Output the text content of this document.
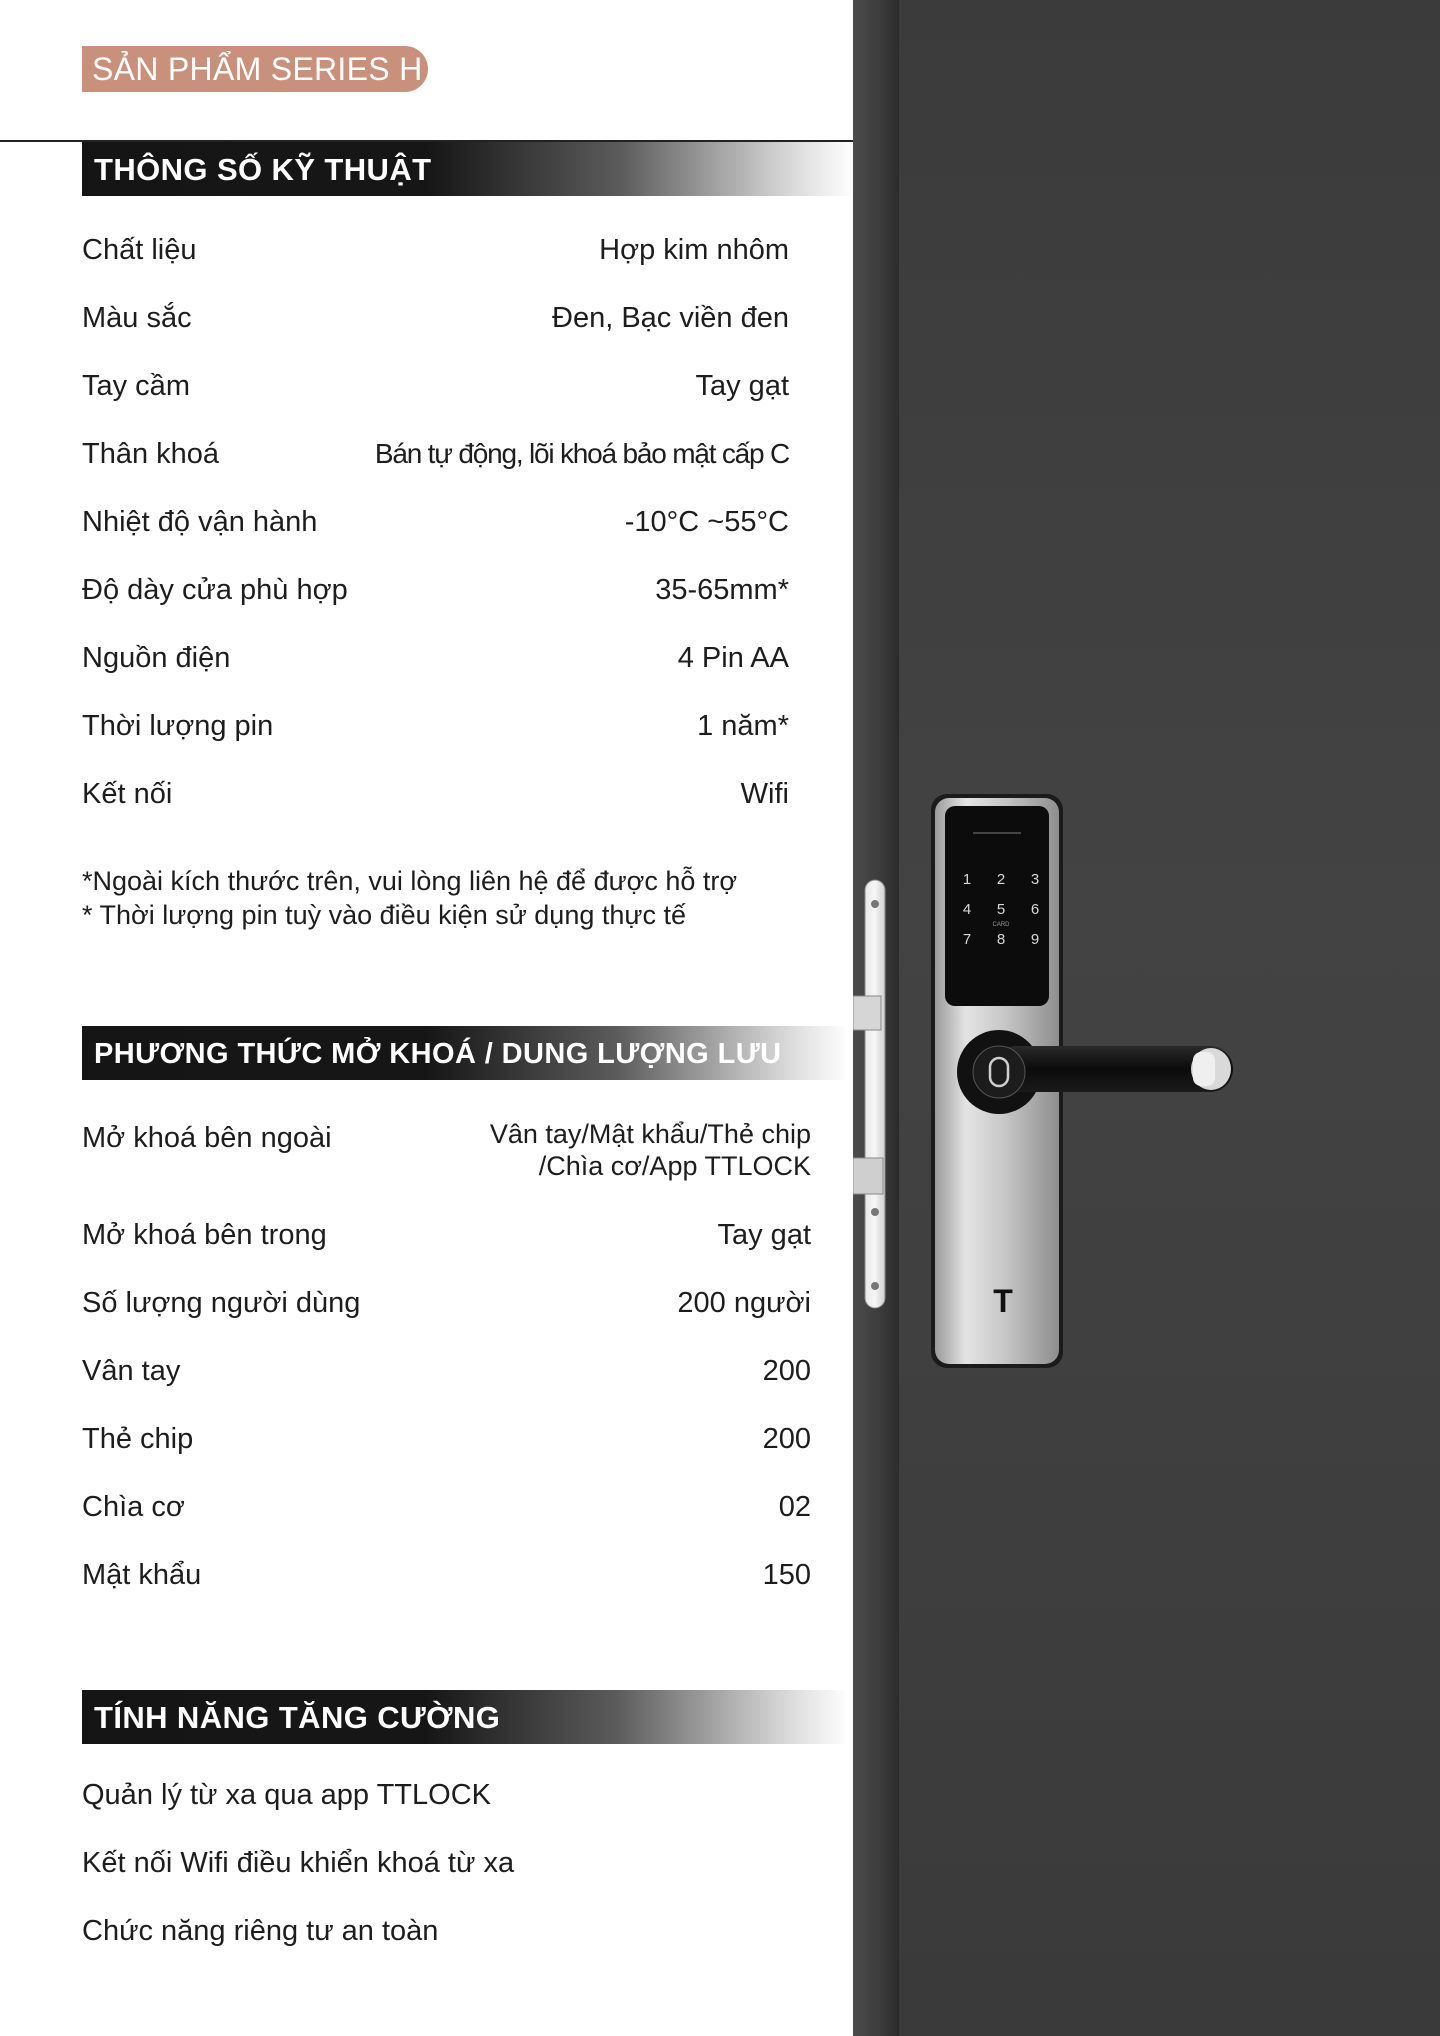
SẢN PHẨM SERIES H
THÔNG SỐ KỸ THUẬT
Chất liệu	Hợp kim nhôm
Màu sắc	Đen, Bạc viền đen
Tay cầm	Tay gạt
Thân khoá	Bán tự động, lõi khoá bảo mật cấp C
Nhiệt độ vận hành	-10°C ~55°C
Độ dày cửa phù hợp	35-65mm*
Nguồn điện	4 Pin AA
Thời lượng pin	1 năm*
Kết nối	Wifi
*Ngoài kích thước trên, vui lòng liên hệ để được hỗ trợ
* Thời lượng pin tuỳ vào điều kiện sử dụng thực tế
PHƯƠNG THỨC MỞ KHOÁ / DUNG LƯỢNG LƯU TRỮ
Mở khoá bên ngoài	Vân tay/Mật khẩu/Thẻ chip
/Chìa cơ/App TTLOCK
Mở khoá bên trong	Tay gạt
Số lượng người dùng	200 người
Vân tay	200
Thẻ chip	200
Chìa cơ	02
Mật khẩu	150
TÍNH NĂNG TĂNG CƯỜNG
Quản lý từ xa qua app TTLOCK
Kết nối Wifi điều khiển khoá từ xa
Chức năng riêng tư an toàn
1 2 3
4 5 6
CARD
7 8 9
T
